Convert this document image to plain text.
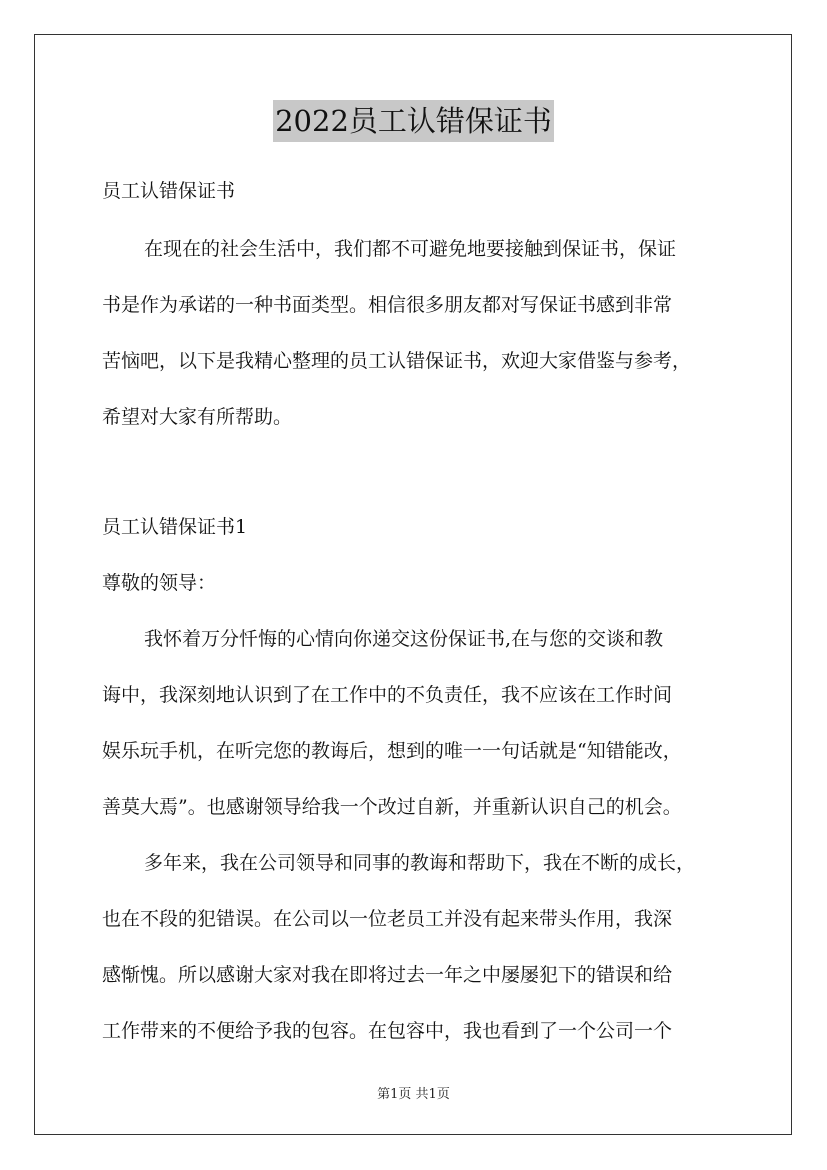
2022员工认错保证书
员工认错保证书
在现在的社会生活中，我们都不可避免地要接触到保证书，保证
书是作为承诺的一种书面类型。相信很多朋友都对写保证书感到非常
苦恼吧，以下是我精心整理的员工认错保证书，欢迎大家借鉴与参考，
希望对大家有所帮助。
员工认错保证书1
尊敬的领导：
我怀着万分忏悔的心情向你递交这份保证书,在与您的交谈和教
诲中，我深刻地认识到了在工作中的不负责任，我不应该在工作时间
娱乐玩手机，在听完您的教诲后，想到的唯一一句话就是“知错能改，
善莫大焉”。也感谢领导给我一个改过自新，并重新认识自己的机会。
多年来，我在公司领导和同事的教诲和帮助下，我在不断的成长，
也在不段的犯错误。在公司以一位老员工并没有起来带头作用，我深
感惭愧。所以感谢大家对我在即将过去一年之中屡屡犯下的错误和给
工作带来的不便给予我的包容。在包容中，我也看到了一个公司一个
第1页 共1页
